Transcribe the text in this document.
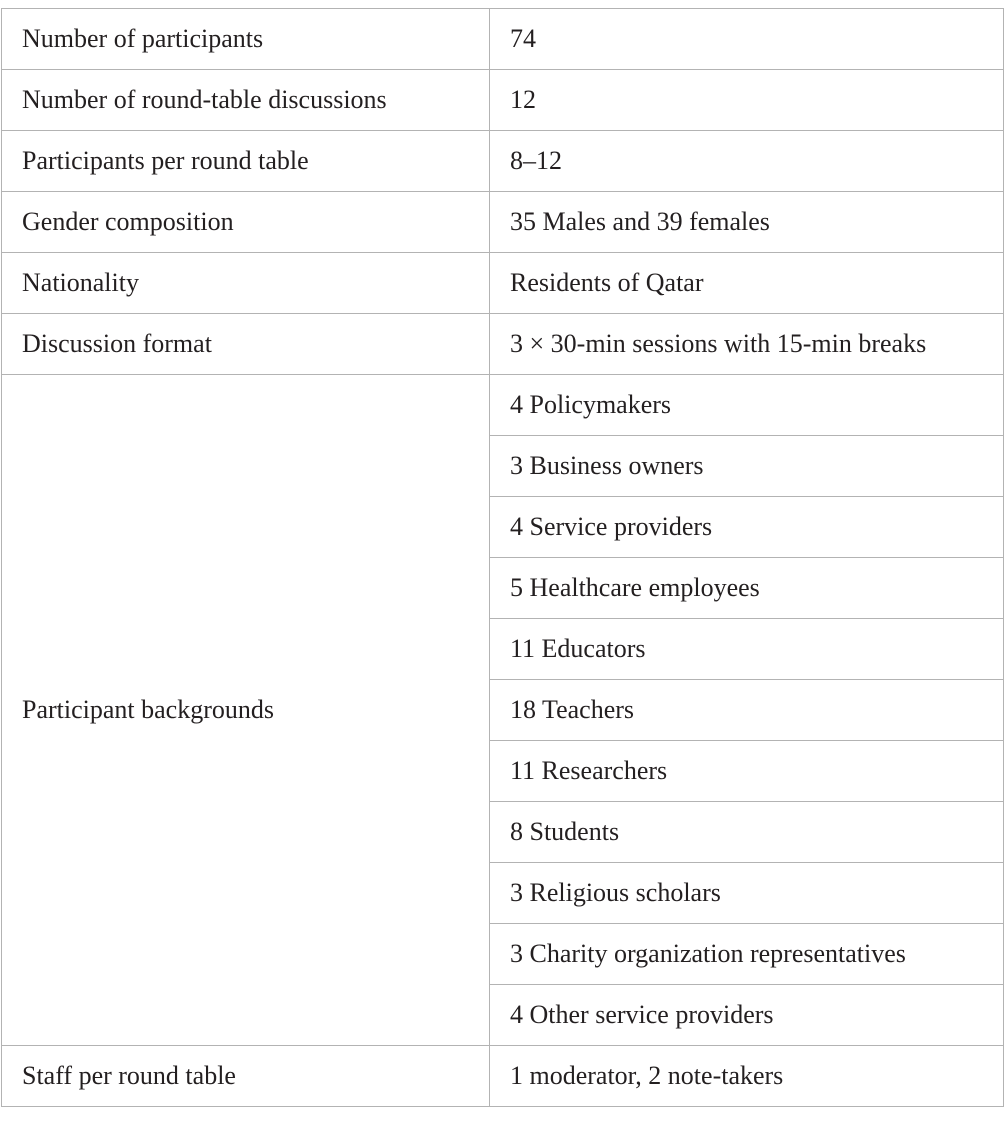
Number of participants	74
Number of round-table discussions	12
Participants per round table	8–12
Gender composition	35 Males and 39 females
Nationality	Residents of Qatar
Discussion format	3 × 30-min sessions with 15-min breaks
Participant backgrounds	4 Policymakers
	3 Business owners
	4 Service providers
	5 Healthcare employees
	11 Educators
	18 Teachers
	11 Researchers
	8 Students
	3 Religious scholars
	3 Charity organization representatives
	4 Other service providers
Staff per round table	1 moderator, 2 note-takers
